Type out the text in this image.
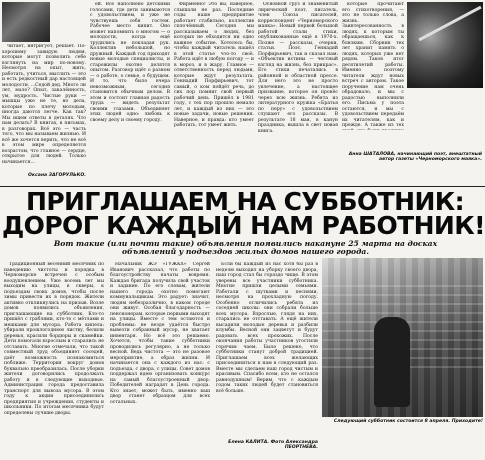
читает, интригует, решает. По-хорошему завидую людям, которые могут позволить себе взглянуть на мир по-новому. Несмотря на опыт, жить, работать, учиться, мыслить — это и есть редкостный дар настоящей молодости. ...Седой дед. Много ли лет, мало? Опыт, закалённость, ум, мудрость. Чистые руки — мышцы уже не те, но дела, которые по плечу молодым, иногда даются легче. Как так? Мы ищем ответы в деталях. Что нам делать? В книгах, в письмах, в разговорах. Всё это — часть того, что мы называем жизнью. И всё же хочется верить, что не всё в этом мире определяется возрастом, что главное — сердце, открытое для людей. Только начинается...

Оксана ЗАГОРУЛЬКО.

ей. Всё наполнено детскими голосами, где дети занимаются с удовольствием, и уже не чувствуешь себя гостем. Рабочее место кипит. Оно может напомнить о многом — о молодости, когда ещё трудились не покладая рук. Коллектив небольшой, но дружный. Каждый год приходят новые молодые специалисты, и старожилы охотно делятся опытом. Разговор идёт о разном — о работе, о семье, о будущем. И то, что было вчера невозможным, сегодня становится обычным делом. В этом и состоит главная радость труда — видеть результат своими глазами. Объединяет этих людей одно: любовь к своему делу и своему городу.

Фирменно! Это вы, наверное, слышали не раз. Последние годы наше предприятие работает стабильно, коллектив сплочённый. Сегодня мы рассказываем о людях, без которых не обходится ни одно важное событие. Хотелось бы, чтобы каждый читатель нашёл в этой статье что-то своё. Работа идёт в любую погоду — и в мороз, и в жару. Главное — ответственность перед людьми, которые ждут результата. Геннадий Порфирьевич, тот самый, о ком пойдёт речь, до сих пор помнит свой первый рабочий день. Пришёл в 1981 году, с тех пор прошло немало лет, и каждый из них — это новые задачи, новые решения. Наверное, и правда: кто умеет работать, тот умеет жить.

Основной груз и знаменитый лирический поэт, писатель, член Союза писателей, корреспондент «Черноморского маяка». Новый первой большой работой стали стихи, опубликованные ещё в 1970-х. Позже — рассказы, очерки, статьи. Поэт, Геннадий Порфирьевич, так и сказал нам: «Объектив истины — честный взгляд на жизнь, без прикрас». Его стихи печатались в районной и областной прессе. Для него это не просто увлечение, а настоящее призвание, которое он пронёс через всю жизнь. Ребята из литературного кружка «Братья по перу» с удовольствием слушают его рассказы. В результате 18 мая, в канун праздника, вышла в свет новая книга.

которые прочитают его стихотворения, — это не только слова, а жизнь. Заинтересованность в людях, к которым ты обращаешься, как к близким. Сборник тех лет хранит память о людях, которых уже нет рядом. Таков итог десятилетий работы. Именно поэтому читатели ждут новых встреч с автором. Такое поручение нам очень обрадовало, и мы с радостью выполнили его. Письма у поэта остаются, и мы с удовольствием передаём их читателям, как и прежде. А также из тех

Анна ШАТАЛОВА, начинающий поэт, внештатный автор газеты «Черноморского маяка».
ПРИГЛАШАЕМ НА СУББОТНИК:
ДОРОГ КАЖДЫЙ НАМ РАБОТНИК!
Вот такие (или почти такие) объявления появились накануне 25 марта на досках объявлений у подъездов жилых домов нашего города.

Традиционный весенний месячник по наведению чистоты и порядка в Черноморске встречен с особым воодушевлением. Уже восемь лет мы выходим на улицы, в скверы, к подъездам своих домов, чтобы после зимы привести их в порядок. Жители активно откликнулись на призыв. Возле домов появились объявления, приглашающие на субботник. Кто-то пришёл с граблями, кто-то с мётлами и мешками для мусора. Работа кипела: убирали прошлогоднюю листву, белили деревья, красили бордюры и скамейки. Дети помогали взрослым и старались не отставать. Многие отмечали, что такой совместный труд объединяет соседей, даёт возможность познакомиться поближе. Территория вокруг домов буквально преобразилась. После уборки жители договорились продолжать работу и в следующие выходные. Администрация города предоставила транспорт для вывоза мусора. В этом году к акции присоединились предприятия и учреждения, студенты и школьники. По итогам месячника будут определены лучшие дворы.

Начальник ЖЭ «ГУЖКХ» Сергей Иванович рассказал, что работы по благоустройству начаты вовремя. Каждая бригада получила свой участок и задание. По его словам, жители нашего города охотно помогают коммунальщикам. Это радует: значит, людям небезразлично, в каком городе они живут. Особая благодарность — пенсионерам, которые первыми выходят на улицы. Вместе с тем остаются и проблемы: не везде удаётся быстро вывезти собранный мусор, не хватает инвентаря. Но всё это решаемо. Хочется, чтобы такие субботники проводились регулярно, а не только весной. Ведь чистота — это не разовое мероприятие, а образ жизни. И начинается она с каждого из нас: с подъезда, с двора, с улицы. Совет домов поддержал идею организовать конкурс на самый благоустроенный двор. Победителей наградят в День города. Кто знает, может быть, именно ваш двор станет образцом для всех остальных.

Если бы каждый из нас хотя бы раз в неделю выходил на уборку своего двора, наш город стал бы гораздо чище. В этом уверены все участники субботника. Многие пришли целыми семьями. Работали с шутками и песнями, несмотря на прохладную погоду. Особенно отличились ребята из соседней школы: они собрали больше всех мусора. Взрослые, глядя на них, старались не отставать. А ещё жители высадили молодые деревья и разбили клумбы. Весной они зацветут и будут радовать всех прохожих. После окончания работы участников угостили горячим чаем. Было решено, что субботники станут доброй традицией. Приглашаем всех желающих присоединиться к нам в следующий раз. Вместе мы сделаем наш город чистым и красивым. Спасибо всем, кто не остался равнодушным! Верим, что с каждым годом таких людей будет становиться всё больше.

Елена КАЛИТА. Фото Александра ПЕОРТНЕВА.
Следующий субботник состоится 8 апреля. Приходите!
